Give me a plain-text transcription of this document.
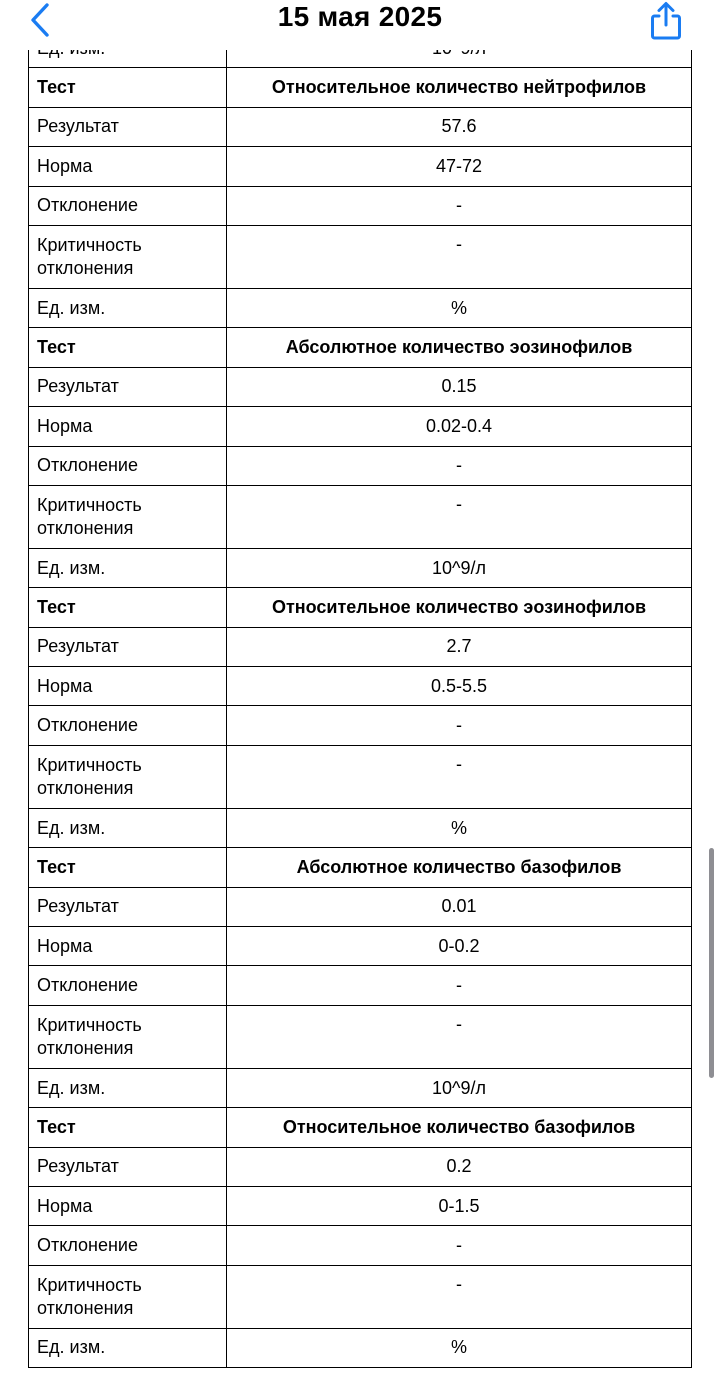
Тест	Относительное количество нейтрофилов
Результат	57.6
Норма	47-72
Отклонение	-
Критичность отклонения	-
Ед. изм.	%
Тест	Абсолютное количество эозинофилов
Результат	0.15
Норма	0.02-0.4
Отклонение	-
Критичность отклонения	-
Ед. изм.	10^9/л
Тест	Относительное количество эозинофилов
Результат	2.7
Норма	0.5-5.5
Отклонение	-
Критичность отклонения	-
Ед. изм.	%
Тест	Абсолютное количество базофилов
Результат	0.01
Норма	0-0.2
Отклонение	-
Критичность отклонения	-
Ед. изм.	10^9/л
Тест	Относительное количество базофилов
Результат	0.2
Норма	0-1.5
Отклонение	-
Критичность отклонения	-
Ед. изм.	%
15 мая 2025
